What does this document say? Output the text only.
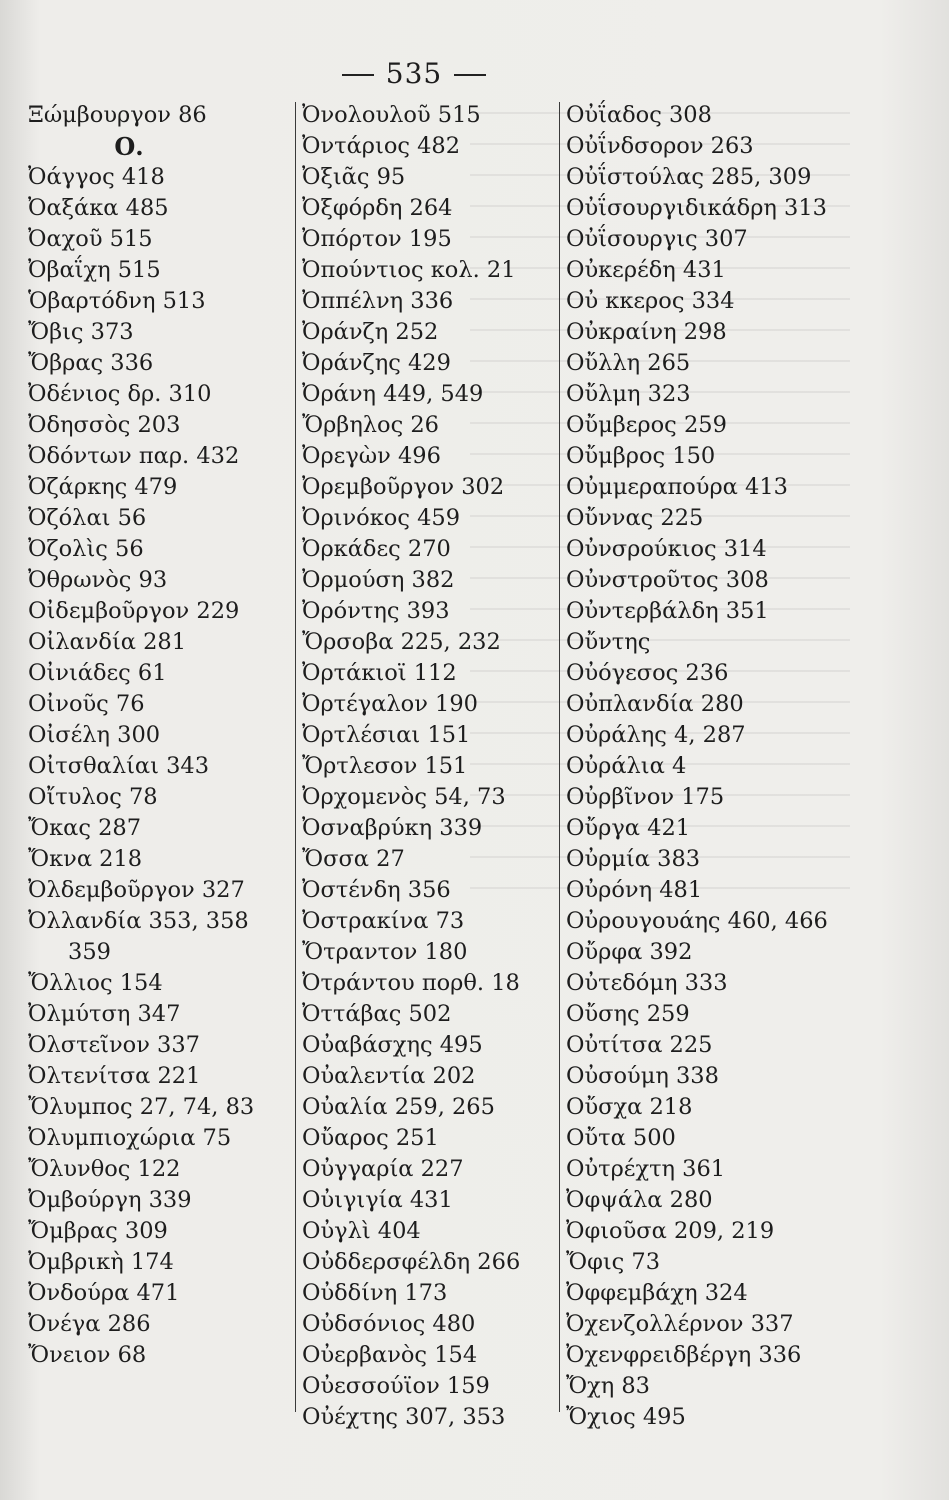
535
Ξώμβουργον 86
Ο.
Ὀάγγος 418
Ὀαξάκα 485
Ὀαχοῦ 515
Ὀβαΐχη 515
Ὁβαρτόδνη 513
Ὄβις 373
Ὄβρας 336
Ὀδένιος δρ. 310
Ὀδησσὸς 203
Ὀδόντων παρ. 432
Ὀζάρκης 479
Ὀζόλαι 56
Ὀζολὶς 56
Ὀθρωνὸς 93
Οἰδεμβοῦργον 229
Οἰλανδία 281
Οἰνιάδες 61
Οἰνοῦς 76
Οἰσέλη 300
Οἰτσθαλίαι 343
Οἴτυλος 78
Ὄκας 287
Ὄκνα 218
Ὀλδεμβοῦργον 327
Ὀλλανδία 353, 358
359
Ὄλλιος 154
Ὀλμύτση 347
Ὀλστεῖνον 337
Ὀλτενίτσα 221
Ὄλυμπος 27, 74, 83
Ὀλυμπιοχώρια 75
Ὄλυνθος 122
Ὀμβούργη 339
Ὄμβρας 309
Ὀμβρικὴ 174
Ὀνδούρα 471
Ὀνέγα 286
Ὄνειον 68
Ὀνολουλοῦ 515
Ὀντάριος 482
Ὀξιᾶς 95
Ὀξφόρδη 264
Ὀπόρτον 195
Ὀπούντιος κολ. 21
Ὀππέλνη 336
Ὀράνζη 252
Ὀράνζης 429
Ὀράνη 449, 549
Ὄρβηλος 26
Ὀρεγὼν 496
Ὀρεμβοῦργον 302
Ὀρινόκος 459
Ὀρκάδες 270
Ὀρμούση 382
Ὀρόντης 393
Ὄρσοβα 225, 232
Ὀρτάκιοϊ 112
Ὀρτέγαλον 190
Ὀρτλέσιαι 151
Ὄρτλεσον 151
Ὀρχομενὸς 54, 73
Ὀσναβρύκη 339
Ὄσσα 27
Ὀστένδη 356
Ὀστρακίνα 73
Ὄτραντον 180
Ὀτράντου πορθ. 18
Ὀττάβας 502
Οὐαβάσχης 495
Οὐαλεντία 202
Οὐαλία 259, 265
Οὔαρος 251
Οὐγγαρία 227
Οὐιγιγία 431
Οὐγλὶ 404
Οὐδδερσφέλδη 266
Οὐδδίνη 173
Οὐδσόνιος 480
Οὐερβανὸς 154
Οὐεσσούϊον 159
Οὐέχτης 307, 353
Οὐΐαδος 308
Οὐΐνδσορον 263
Οὐΐστούλας 285, 309
Οὐΐσουργιδικάδρη 313
Οὐΐσουργις 307
Οὐκερέδη 431
Οὐ κκερος 334
Οὐκραίνη 298
Οὔλλη 265
Οὔλμη 323
Οὔμβερος 259
Οὔμβρος 150
Οὐμμεραπούρα 413
Οὔννας 225
Οὐνσρούκιος 314
Οὐνστροῦτος 308
Οὐντερβάλδη 351
Οὔντης
Οὐόγεσος 236
Οὐπλανδία 280
Οὐράλης 4, 287
Οὐράλια 4
Οὐρβῖνον 175
Οὔργα 421
Οὐρμία 383
Οὐρόνη 481
Οὐρουγουάης 460, 466
Οὔρφα 392
Οὐτεδόμη 333
Οὔσης 259
Οὐτίτσα 225
Οὐσούμη 338
Οὔσχα 218
Οὔτα 500
Οὐτρέχτη 361
Ὀφψάλα 280
Ὀφιοῦσα 209, 219
Ὄφις 73
Ὀφφεμβάχη 324
Ὀχενζολλέρνον 337
Ὀχενφρειδβέργη 336
Ὄχη 83
Ὄχιος 495
